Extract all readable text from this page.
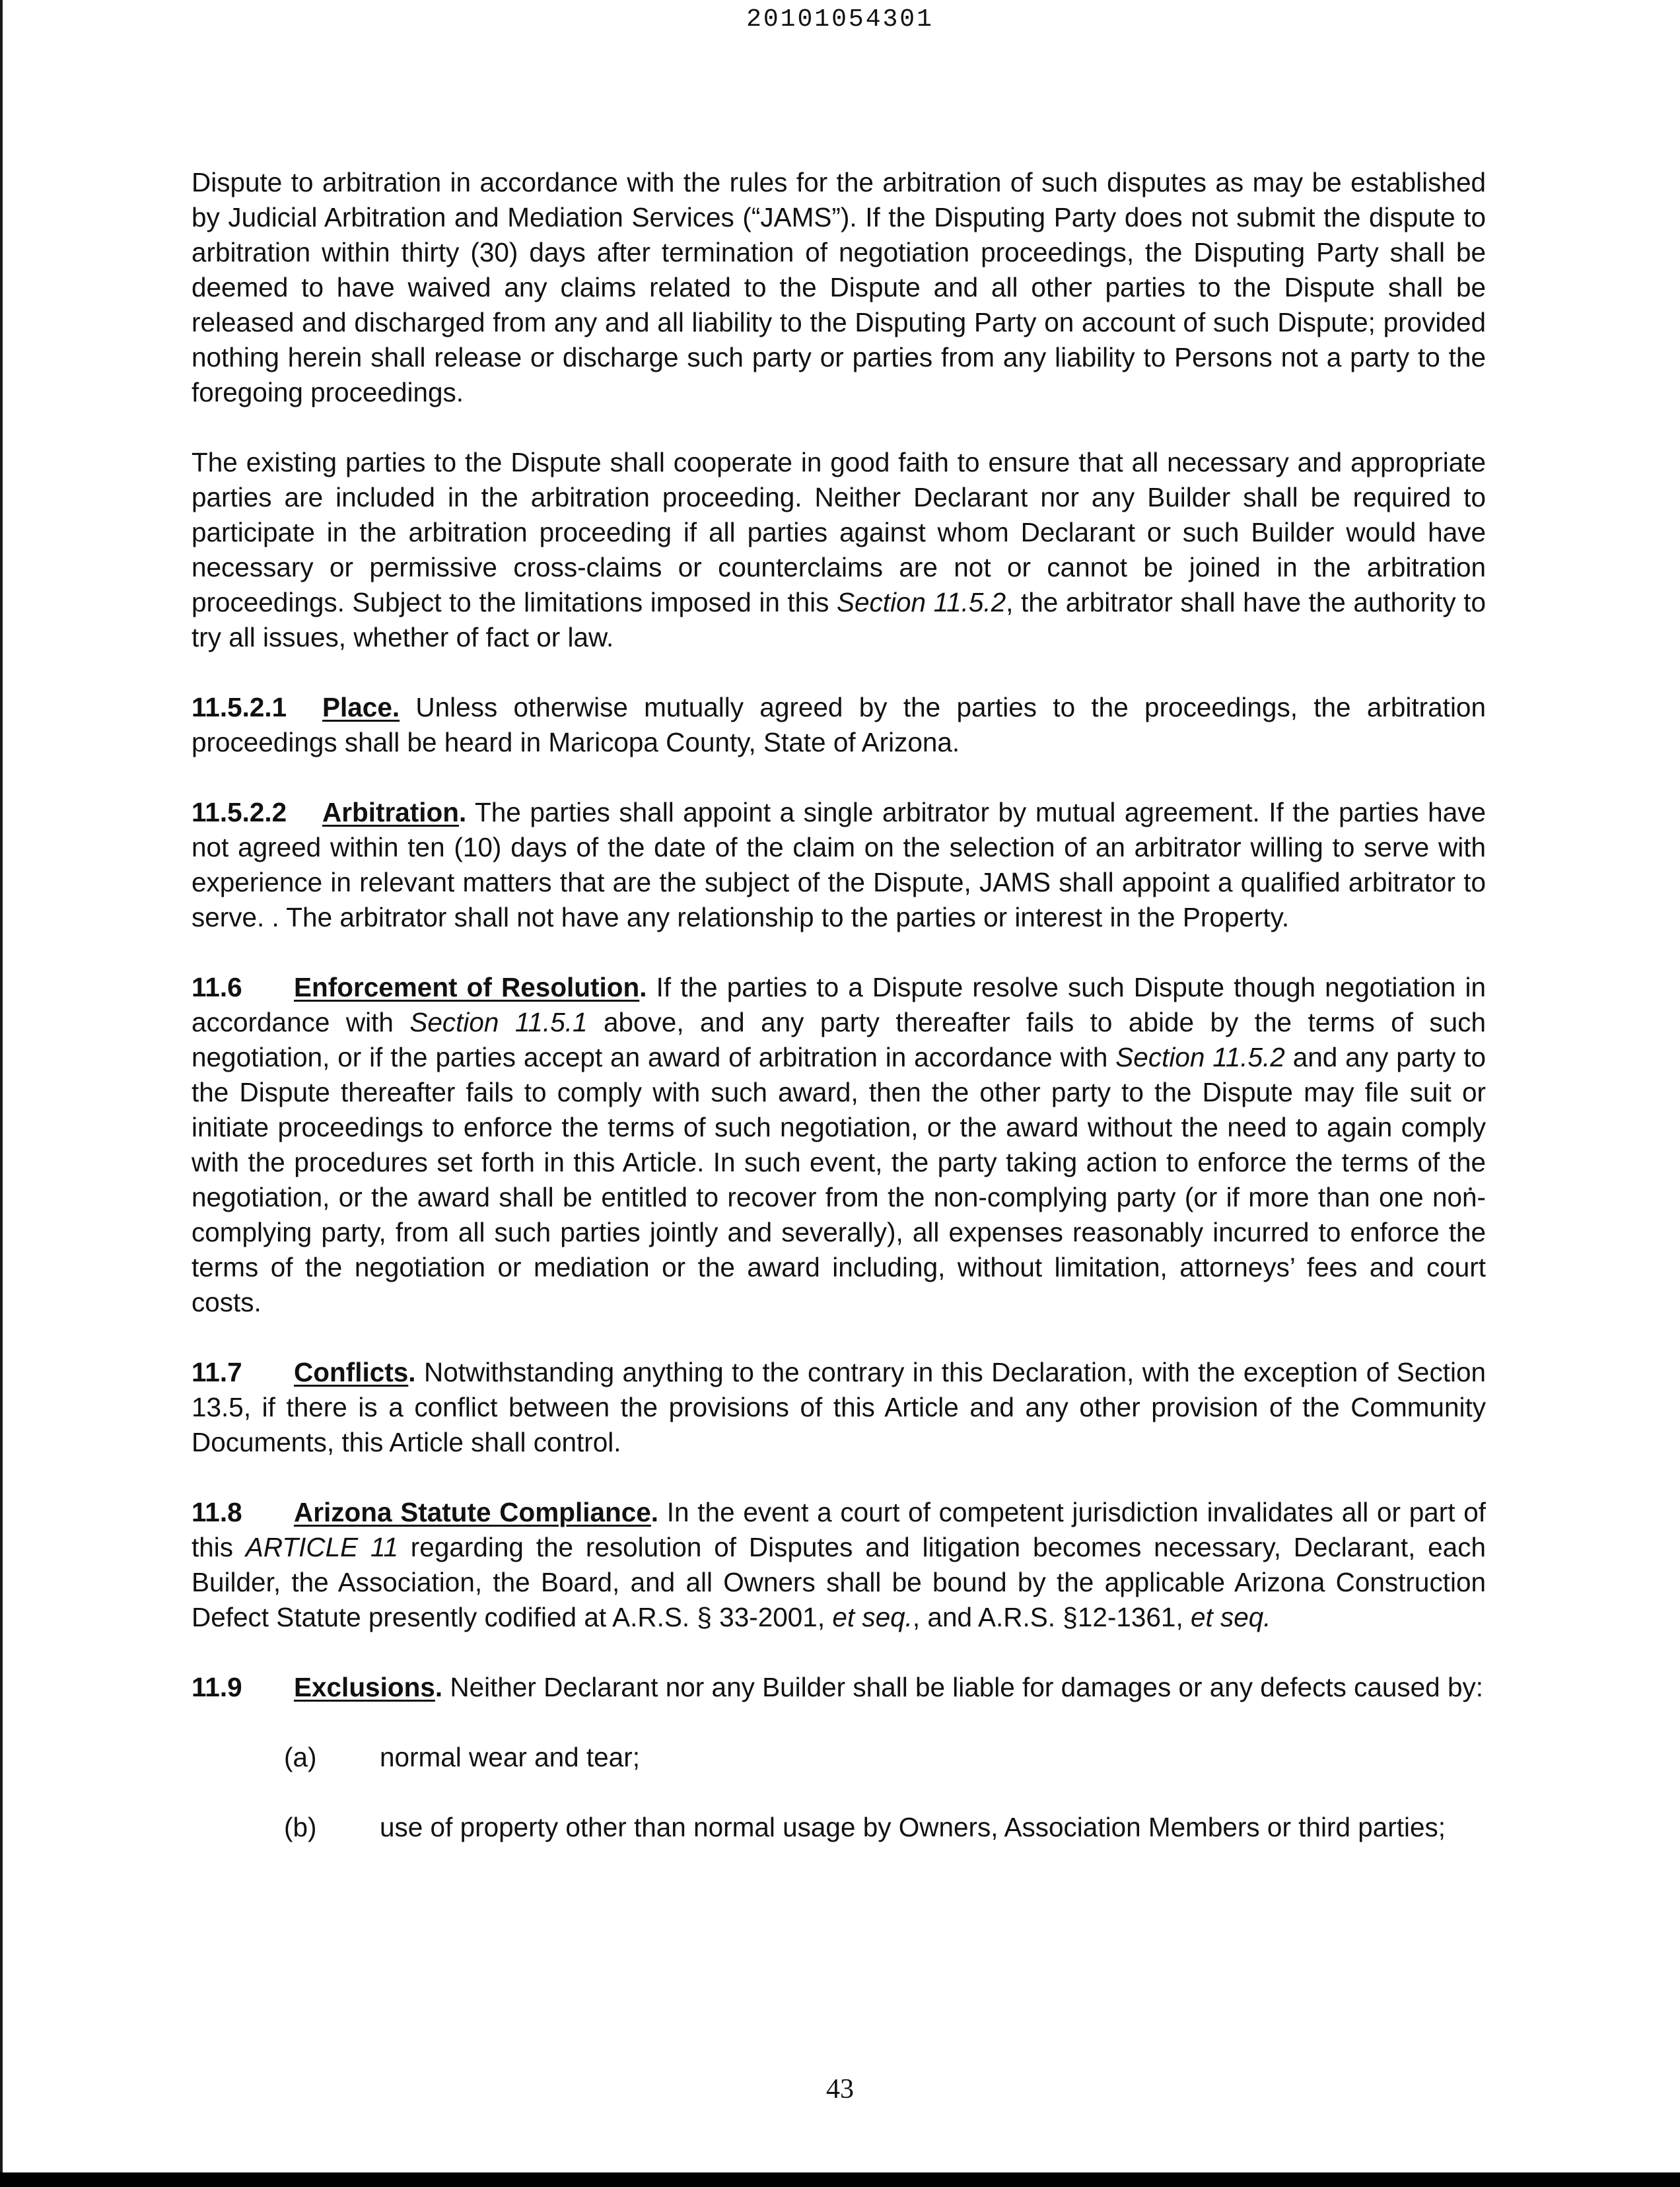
20101054301

Dispute to arbitration in accordance with the rules for the arbitration of such disputes as may be established by Judicial Arbitration and Mediation Services (“JAMS”). If the Disputing Party does not submit the dispute to arbitration within thirty (30) days after termination of negotiation proceedings, the Disputing Party shall be deemed to have waived any claims related to the Dispute and all other parties to the Dispute shall be released and discharged from any and all liability to the Disputing Party on account of such Dispute; provided nothing herein shall release or discharge such party or parties from any liability to Persons not a party to the foregoing proceedings.

The existing parties to the Dispute shall cooperate in good faith to ensure that all necessary and appropriate parties are included in the arbitration proceeding. Neither Declarant nor any Builder shall be required to participate in the arbitration proceeding if all parties against whom Declarant or such Builder would have necessary or permissive cross-claims or counterclaims are not or cannot be joined in the arbitration proceedings. Subject to the limitations imposed in this Section 11.5.2, the arbitrator shall have the authority to try all issues, whether of fact or law.

11.5.2.1 Place. Unless otherwise mutually agreed by the parties to the proceedings, the arbitration proceedings shall be heard in Maricopa County, State of Arizona.

11.5.2.2 Arbitration. The parties shall appoint a single arbitrator by mutual agreement. If the parties have not agreed within ten (10) days of the date of the claim on the selection of an arbitrator willing to serve with experience in relevant matters that are the subject of the Dispute, JAMS shall appoint a qualified arbitrator to serve. . The arbitrator shall not have any relationship to the parties or interest in the Property.

11.6 Enforcement of Resolution. If the parties to a Dispute resolve such Dispute though negotiation in accordance with Section 11.5.1 above, and any party thereafter fails to abide by the terms of such negotiation, or if the parties accept an award of arbitration in accordance with Section 11.5.2 and any party to the Dispute thereafter fails to comply with such award, then the other party to the Dispute may file suit or initiate proceedings to enforce the terms of such negotiation, or the award without the need to again comply with the procedures set forth in this Article. In such event, the party taking action to enforce the terms of the negotiation, or the award shall be entitled to recover from the non-complying party (or if more than one non-complying party, from all such parties jointly and severally), all expenses reasonably incurred to enforce the terms of the negotiation or mediation or the award including, without limitation, attorneys’ fees and court costs.

11.7 Conflicts. Notwithstanding anything to the contrary in this Declaration, with the exception of Section 13.5, if there is a conflict between the provisions of this Article and any other provision of the Community Documents, this Article shall control.

11.8 Arizona Statute Compliance. In the event a court of competent jurisdiction invalidates all or part of this ARTICLE 11 regarding the resolution of Disputes and litigation becomes necessary, Declarant, each Builder, the Association, the Board, and all Owners shall be bound by the applicable Arizona Construction Defect Statute presently codified at A.R.S. § 33-2001, et seq., and A.R.S. §12-1361, et seq.

11.9 Exclusions. Neither Declarant nor any Builder shall be liable for damages or any defects caused by:

(a)	normal wear and tear;
(b)	use of property other than normal usage by Owners, Association Members or third parties;
43
